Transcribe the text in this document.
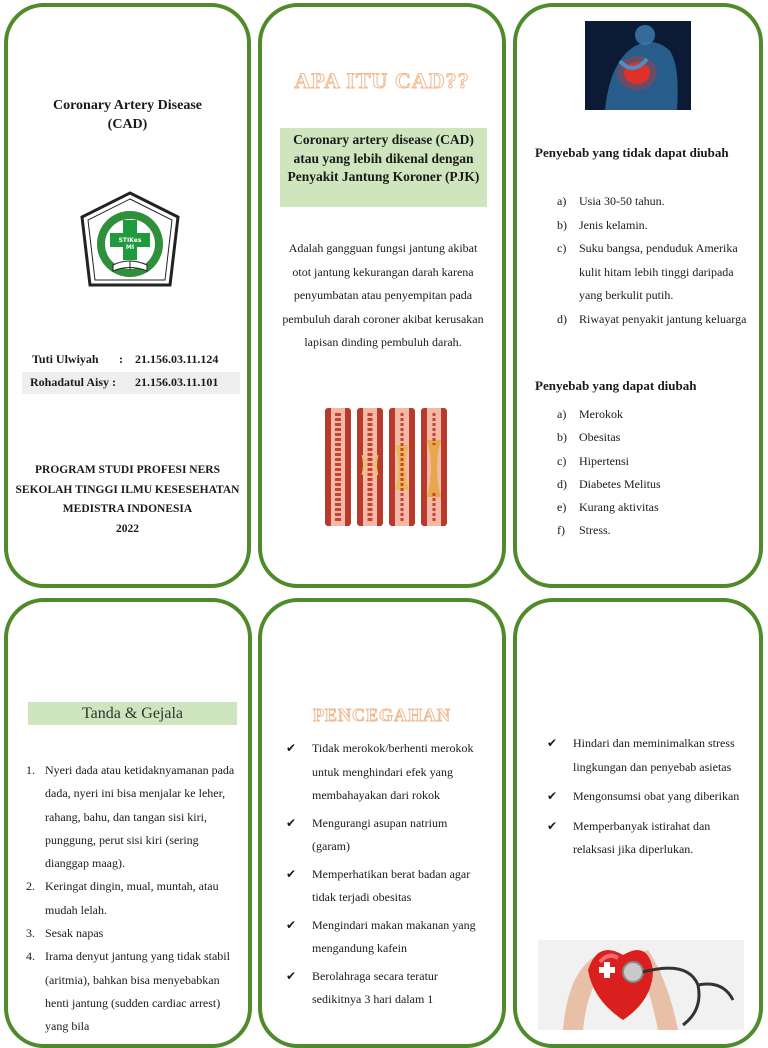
Coronary Artery Disease
(CAD)
STIKes MI
Tuti Ulwiyah : 21.156.03.11.124
Rohadatul Aisy : 21.156.03.11.101
PROGRAM STUDI PROFESI NERS
SEKOLAH TINGGI ILMU KESESEHATAN
MEDISTRA INDONESIA
2022
APA ITU CAD??
Coronary artery disease (CAD) atau yang lebih dikenal dengan Penyakit Jantung Koroner (PJK)
Adalah gangguan fungsi jantung akibat otot jantung kekurangan darah karena penyumbatan atau penyempitan pada pembuluh darah coroner akibat kerusakan lapisan dinding pembuluh darah.
Penyebab yang tidak dapat diubah
a)	Usia 30-50 tahun.
b)	Jenis kelamin.
c)	Suku bangsa, penduduk Amerika kulit hitam lebih tinggi daripada yang berkulit putih.
d)	Riwayat penyakit jantung keluarga
Penyebab yang dapat diubah
a)	Merokok
b)	Obesitas
c)	Hipertensi
d)	Diabetes Melitus
e)	Kurang aktivitas
f)	Stress.
Tanda & Gejala
1. Nyeri dada atau ketidaknyamanan pada dada, nyeri ini bisa menjalar ke leher, rahang, bahu, dan tangan sisi kiri, punggung, perut sisi kiri (sering dianggap maag).
2. Keringat dingin, mual, muntah, atau mudah lelah.
3. Sesak napas
4. Irama denyut jantung yang tidak stabil (aritmia), bahkan bisa menyebabkan henti jantung (sudden cardiac arrest) yang bila
PENCEGAHAN
✔	Tidak merokok/berhenti merokok untuk menghindari efek yang membahayakan dari rokok
✔	Mengurangi asupan natrium (garam)
✔	Memperhatikan berat badan agar tidak terjadi obesitas
✔	Mengindari makan makanan yang mengandung kafein
✔	Berolahraga secara teratur sedikitnya 3 hari dalam 1
✔	Hindari dan meminimalkan stress lingkungan dan penyebab asietas
✔	Mengonsumsi obat yang diberikan
✔	Memperbanyak istirahat dan relaksasi jika diperlukan.
